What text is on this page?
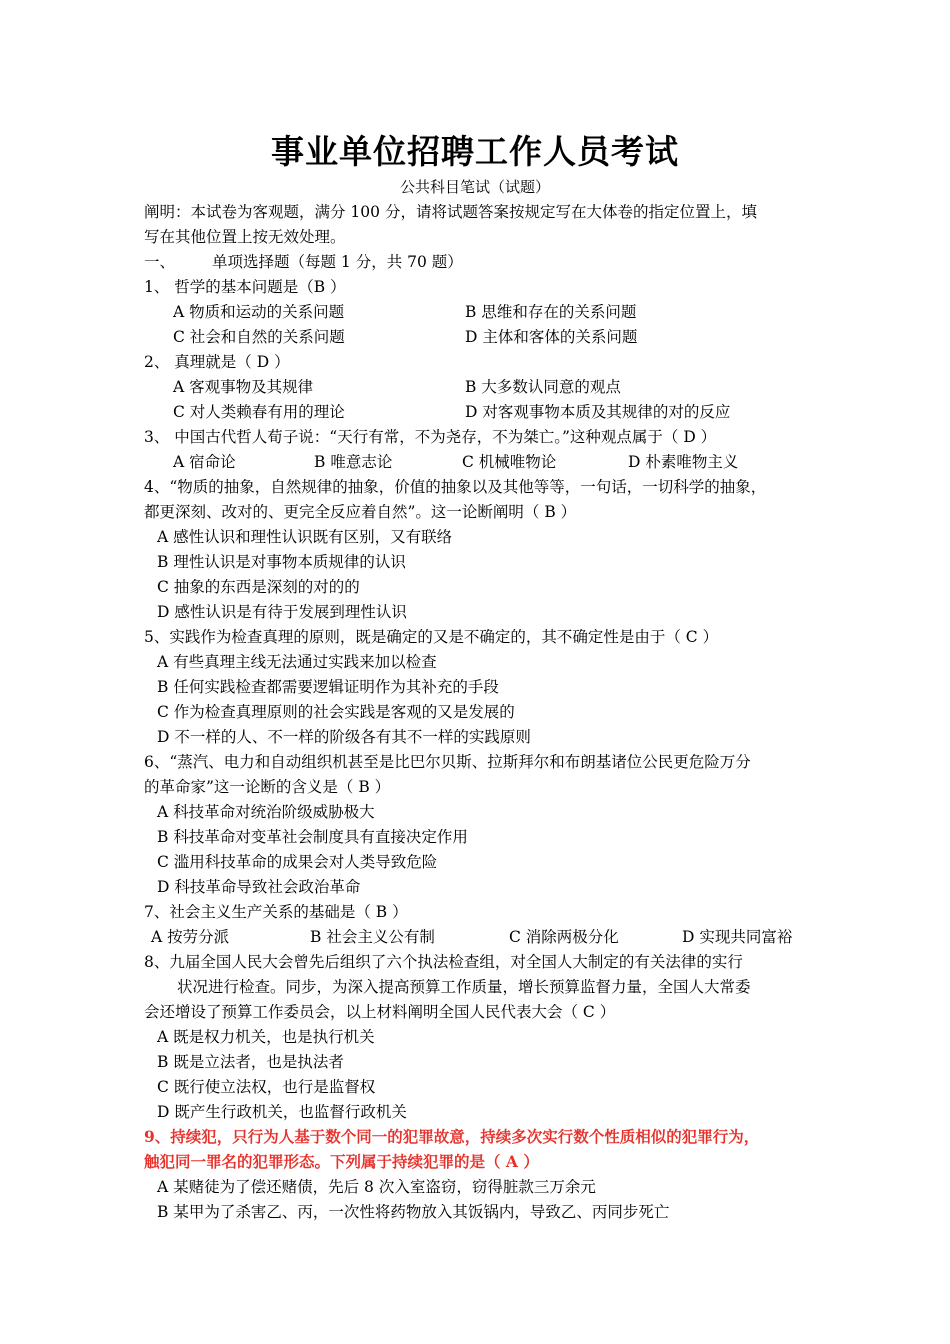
事业单位招聘工作人员考试
公共科目笔试（试题）
阐明：本试卷为客观题，满分 100 分，请将试题答案按规定写在大体卷的指定位置上，填
写在其他位置上按无效处理。
一、 单项选择题（每题 1 分，共 70 题）
1、 哲学的基本问题是（B ）
A 物质和运动的关系问题	B 思维和存在的关系问题
C 社会和自然的关系问题	D 主体和客体的关系问题
2、 真理就是（ D ）
A 客观事物及其规律	B 大多数认同意的观点
C 对人类赖春有用的理论	D 对客观事物本质及其规律的对的反应
3、 中国古代哲人荀子说：“天行有常，不为尧存，不为桀亡。”这种观点属于（ D ）
A 宿命论	B 唯意志论	C 机械唯物论	D 朴素唯物主义
4、“物质的抽象，自然规律的抽象，价值的抽象以及其他等等，一句话，一切科学的抽象，
都更深刻、改对的、更完全反应着自然”。这一论断阐明（ B ）
A 感性认识和理性认识既有区别，又有联络
B 理性认识是对事物本质规律的认识
C 抽象的东西是深刻的对的的
D 感性认识是有待于发展到理性认识
5、实践作为检查真理的原则，既是确定的又是不确定的，其不确定性是由于（ C ）
A 有些真理主线无法通过实践来加以检查
B 任何实践检查都需要逻辑证明作为其补充的手段
C 作为检查真理原则的社会实践是客观的又是发展的
D 不一样的人、不一样的阶级各有其不一样的实践原则
6、“蒸汽、电力和自动组织机甚至是比巴尔贝斯、拉斯拜尔和布朗基诸位公民更危险万分
的革命家”这一论断的含义是（ B ）
A 科技革命对统治阶级威胁极大
B 科技革命对变革社会制度具有直接决定作用
C 滥用科技革命的成果会对人类导致危险
D 科技革命导致社会政治革命
7、社会主义生产关系的基础是（ B ）
A 按劳分派	B 社会主义公有制	C 消除两极分化	D 实现共同富裕
8、九届全国人民大会曾先后组织了六个执法检查组，对全国人大制定的有关法律的实行
状况进行检查。同步，为深入提高预算工作质量，增长预算监督力量，全国人大常委
会还增设了预算工作委员会，以上材料阐明全国人民代表大会（ C ）
A 既是权力机关，也是执行机关
B 既是立法者，也是执法者
C 既行使立法权，也行是监督权
D 既产生行政机关，也监督行政机关
9、持续犯，只行为人基于数个同一的犯罪故意，持续多次实行数个性质相似的犯罪行为，
触犯同一罪名的犯罪形态。下列属于持续犯罪的是（ A ）
A 某赌徒为了偿还赌债，先后 8 次入室盗窃，窃得脏款三万余元
B 某甲为了杀害乙、丙，一次性将药物放入其饭锅内，导致乙、丙同步死亡
